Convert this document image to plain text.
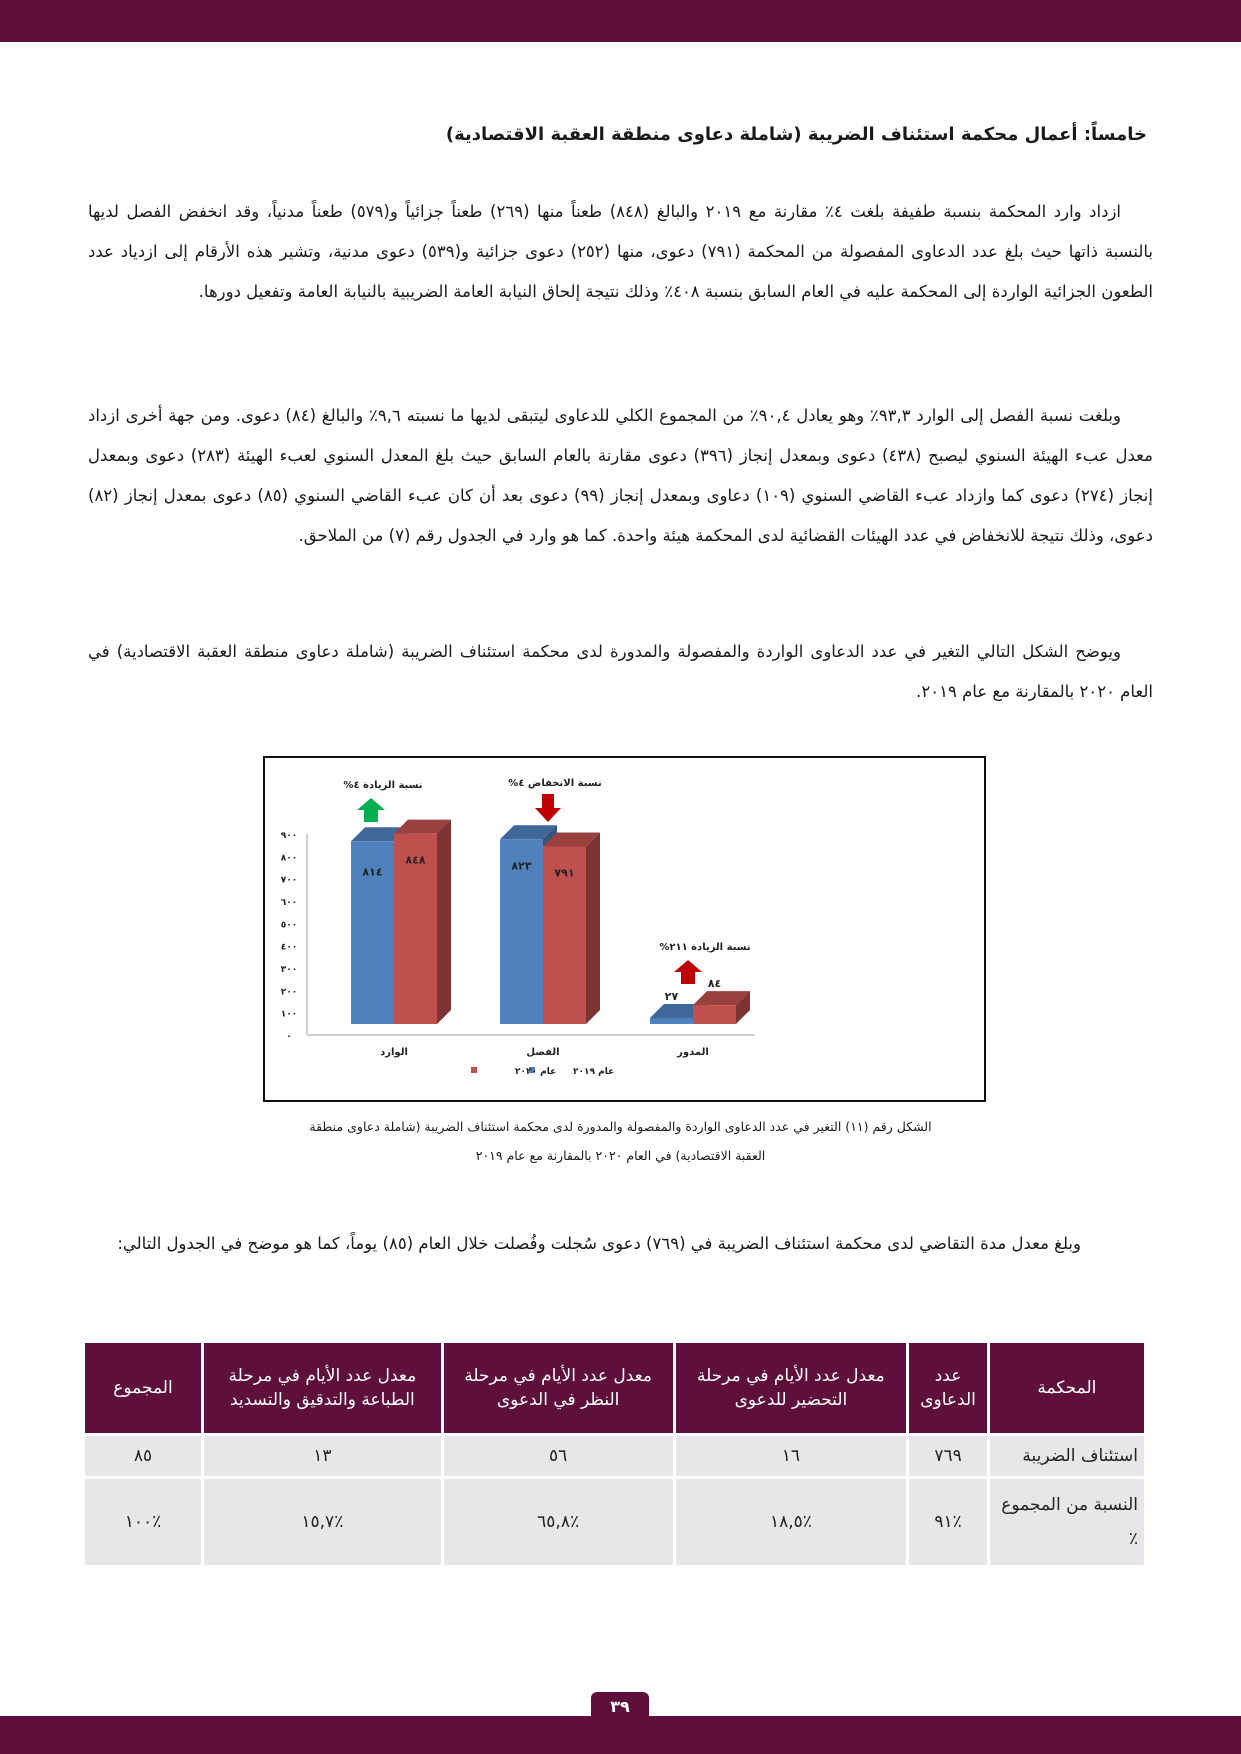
خامساً: أعمال محكمة استئناف الضريبة (شاملة دعاوى منطقة العقبة الاقتصادية)

ازداد وارد المحكمة بنسبة طفيفة بلغت ٤٪ مقارنة مع ٢٠١٩ والبالغ (٨٤٨) طعناً منها (٢٦٩) طعناً جزائياً و(٥٧٩) طعناً مدنياً، وقد انخفض الفصل لديها بالنسبة ذاتها حيث بلغ عدد الدعاوى المفصولة من المحكمة (٧٩١) دعوى، منها (٢٥٢) دعوى جزائية و(٥٣٩) دعوى مدنية، وتشير هذه الأرقام إلى ازدياد عدد الطعون الجزائية الواردة إلى المحكمة عليه في العام السابق بنسبة ٤٠٨٪ وذلك نتيجة إلحاق النيابة العامة الضريبية بالنيابة العامة وتفعيل دورها.

وبلغت نسبة الفصل إلى الوارد ٩٣,٣٪ وهو يعادل ٩٠,٤٪ من المجموع الكلي للدعاوى ليتبقى لديها ما نسبته ٩,٦٪ والبالغ (٨٤) دعوى. ومن جهة أخرى ازداد معدل عبء الهيئة السنوي ليصبح (٤٣٨) دعوى وبمعدل إنجاز (٣٩٦) دعوى مقارنة بالعام السابق حيث بلغ المعدل السنوي لعبء الهيئة (٢٨٣) دعوى وبمعدل إنجاز (٢٧٤) دعوى كما وازداد عبء القاضي السنوي (١٠٩) دعاوى وبمعدل إنجاز (٩٩) دعوى بعد أن كان عبء القاضي السنوي (٨٥) دعوى بمعدل إنجاز (٨٢) دعوى، وذلك نتيجة للانخفاض في عدد الهيئات القضائية لدى المحكمة هيئة واحدة. كما هو وارد في الجدول رقم (٧) من الملاحق.

ويوضح الشكل التالي التغير في عدد الدعاوى الواردة والمفصولة والمدورة لدى محكمة استئناف الضريبة (شاملة دعاوى منطقة العقبة الاقتصادية) في العام ٢٠٢٠ بالمقارنة مع عام ٢٠١٩.

٠
١٠٠
٢٠٠
٣٠٠
٤٠٠
٥٠٠
٦٠٠
٧٠٠
٨٠٠
٩٠٠
٨١٤
٨٤٨
الوارد
٨٢٣
٧٩١
الفصل
٢٧
٨٤
المدور
نسبة الزيادة ٤%	نسبة الانخفاض ٤%
نسبة الزيادة ٢١١%
عام ٢٠١٩
عام ٢٠٢٠
الشكل رقم (١١) التغير في عدد الدعاوى الواردة والمفصولة والمدورة لدى محكمة استئناف الضريبة (شاملة دعاوى منطقة
العقبة الاقتصادية) في العام ٢٠٢٠ بالمقارنة مع عام ٢٠١٩

وبلغ معدل مدة التقاضي لدى محكمة استئناف الضريبة في (٧٦٩) دعوى سُجلت وفُصلت خلال العام (٨٥) يوماً، كما هو موضح في الجدول التالي:

المحكمة	عدد الدعاوى	معدل عدد الأيام في مرحلة التحضير للدعوى	معدل عدد الأيام في مرحلة النظر في الدعوى	معدل عدد الأيام في مرحلة الطباعة والتدقيق والتسديد	المجموع
استئناف الضريبة	٧٦٩	١٦	٥٦	١٣	٨٥
النسبة من المجموع ٪	٪٩١	٪١٨,٥	٪٦٥,٨	٪١٥,٧	٪١٠٠
٣٩
